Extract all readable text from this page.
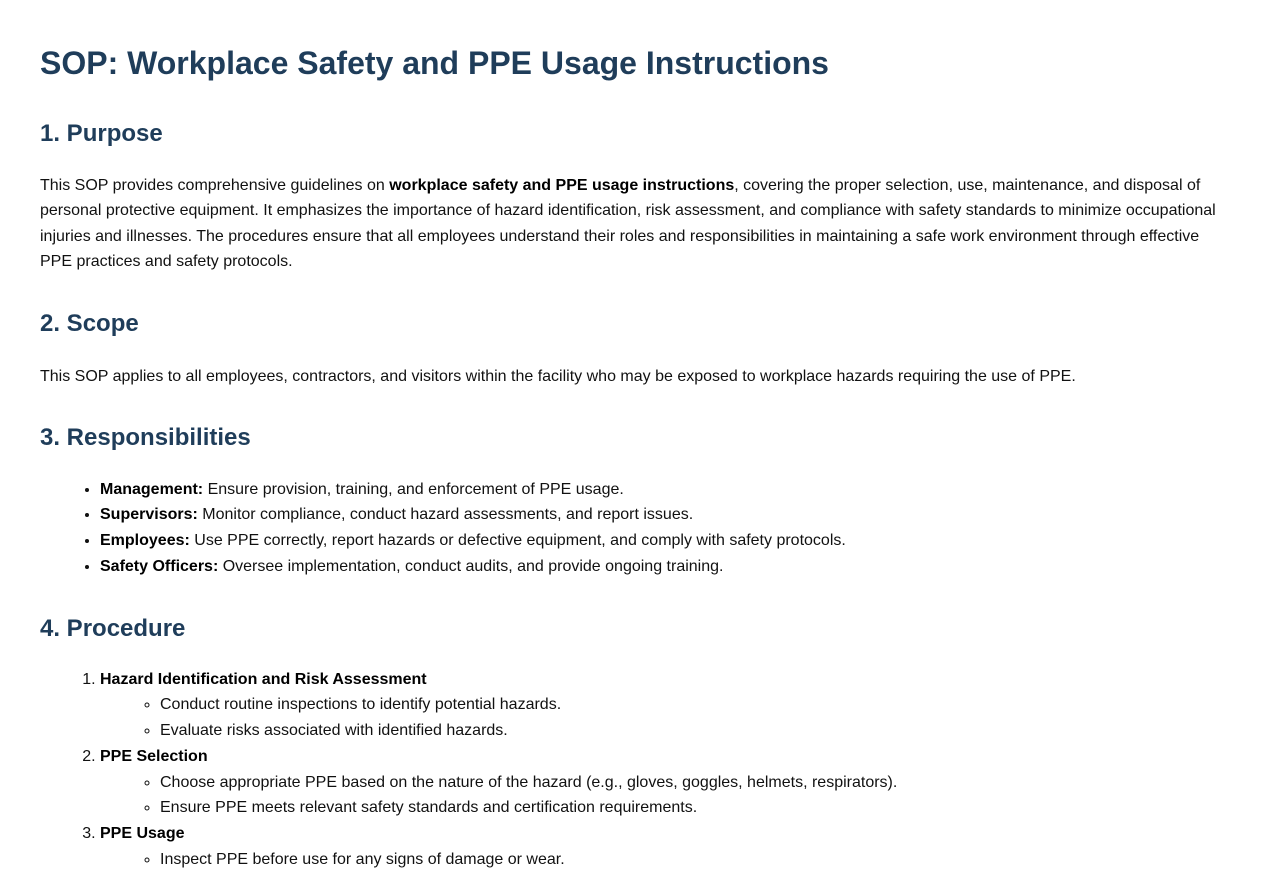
SOP: Workplace Safety and PPE Usage Instructions
1. Purpose

This SOP provides comprehensive guidelines on workplace safety and PPE usage instructions, covering the proper selection, use, maintenance, and disposal of personal protective equipment. It emphasizes the importance of hazard identification, risk assessment, and compliance with safety standards to minimize occupational injuries and illnesses. The procedures ensure that all employees understand their roles and responsibilities in maintaining a safe work environment through effective PPE practices and safety protocols.

2. Scope

This SOP applies to all employees, contractors, and visitors within the facility who may be exposed to workplace hazards requiring the use of PPE.

3. Responsibilities
• Management: Ensure provision, training, and enforcement of PPE usage.
• Supervisors: Monitor compliance, conduct hazard assessments, and report issues.
• Employees: Use PPE correctly, report hazards or defective equipment, and comply with safety protocols.
• Safety Officers: Oversee implementation, conduct audits, and provide ongoing training.
4. Procedure
1. Hazard Identification and Risk Assessment
◦ Conduct routine inspections to identify potential hazards.
◦ Evaluate risks associated with identified hazards.
2. PPE Selection
◦ Choose appropriate PPE based on the nature of the hazard (e.g., gloves, goggles, helmets, respirators).
◦ Ensure PPE meets relevant safety standards and certification requirements.
3. PPE Usage
◦ Inspect PPE before use for any signs of damage or wear.
